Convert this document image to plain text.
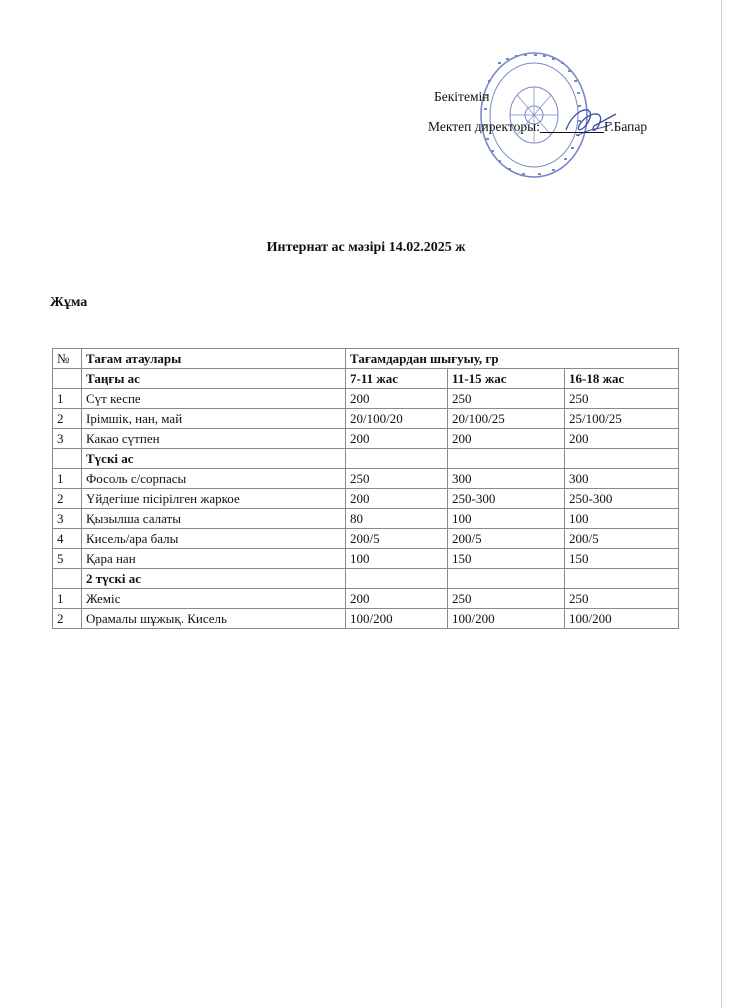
Бекітемін
Мектеп директоры:	Г.Бапар
Интернат ас мәзірі 14.02.2025 ж
Жұма
№	Тағам атаулары	Тағамдардан шығуыу, гр		
	Таңғы ас	7-11 жас	11-15 жас	16-18 жас
1	Сүт кеспе	200	250	250
2	Ірімшік, нан, май	20/100/20	20/100/25	25/100/25
3	Какао сүтпен	200	200	200
	Түскі ас			
1	Фосоль с/сорпасы	250	300	300
2	Үйдегіше пісірілген жаркое	200	250-300	250-300
3	Қызылша салаты	80	100	100
4	Кисель/ара балы	200/5	200/5	200/5
5	Қара нан	100	150	150
	2 түскі ас			
1	Жеміс	200	250	250
2	Орамалы шұжық. Кисель	100/200	100/200	100/200
